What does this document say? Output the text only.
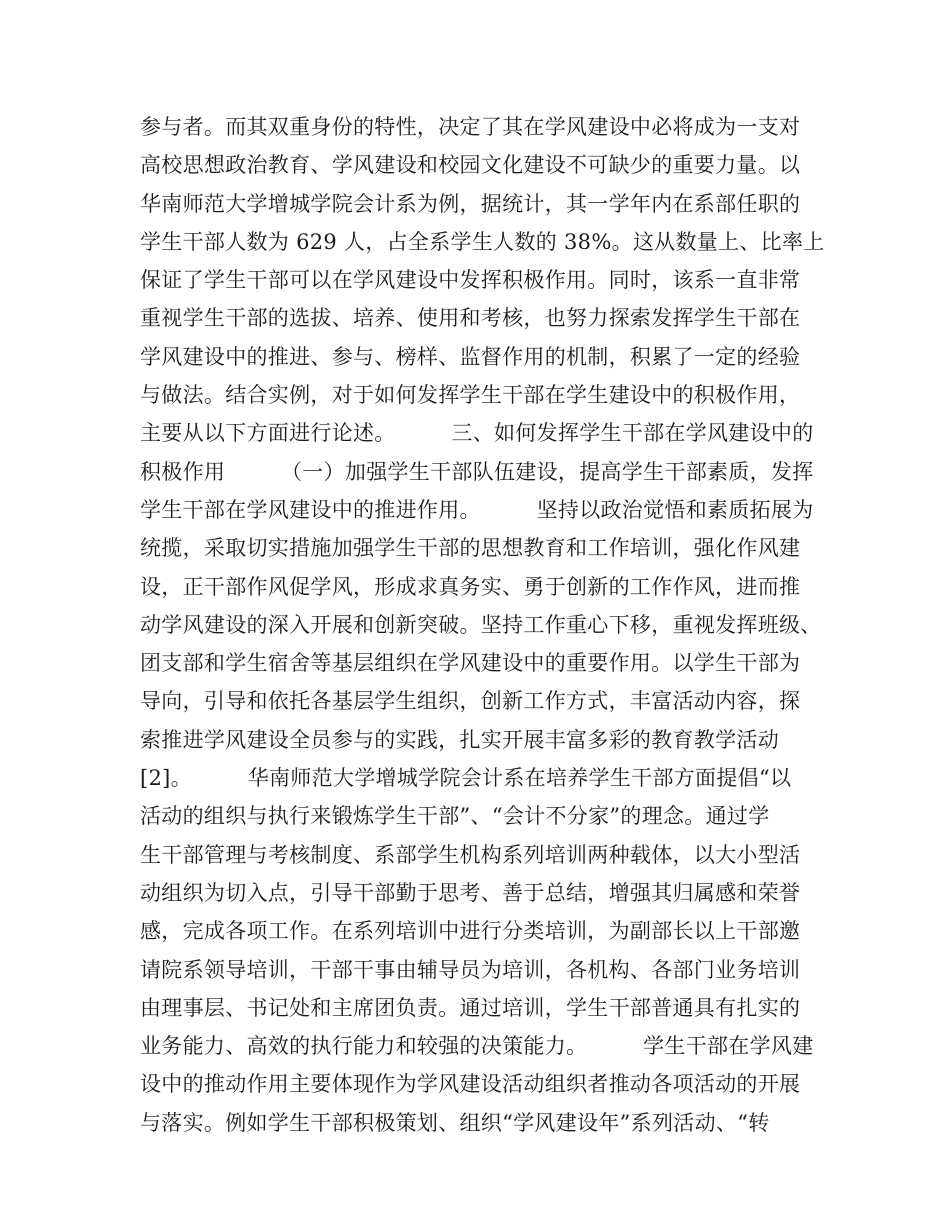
参与者。而其双重身份的特性，决定了其在学风建设中必将成为一支对
高校思想政治教育、学风建设和校园文化建设不可缺少的重要力量。以
华南师范大学增城学院会计系为例，据统计，其一学年内在系部任职的
学生干部人数为 629 人，占全系学生人数的 38%。这从数量上、比率上
保证了学生干部可以在学风建设中发挥积极作用。同时，该系一直非常
重视学生干部的选拔、培养、使用和考核，也努力探索发挥学生干部在
学风建设中的推进、参与、榜样、监督作用的机制，积累了一定的经验
与做法。结合实例，对于如何发挥学生干部在学生建设中的积极作用，
主要从以下方面进行论述。        三、如何发挥学生干部在学风建设中的
积极作用        （一）加强学生干部队伍建设，提高学生干部素质，发挥
学生干部在学风建设中的推进作用。        坚持以政治觉悟和素质拓展为
统揽，采取切实措施加强学生干部的思想教育和工作培训，强化作风建
设，正干部作风促学风，形成求真务实、勇于创新的工作作风，进而推
动学风建设的深入开展和创新突破。坚持工作重心下移，重视发挥班级、
团支部和学生宿舍等基层组织在学风建设中的重要作用。以学生干部为
导向，引导和依托各基层学生组织，创新工作方式，丰富活动内容，探
索推进学风建设全员参与的实践，扎实开展丰富多彩的教育教学活动
[2]。        华南师范大学增城学院会计系在培养学生干部方面提倡“以
活动的组织与执行来锻炼学生干部”、“会计不分家”的理念。通过学
生干部管理与考核制度、系部学生机构系列培训两种载体，以大小型活
动组织为切入点，引导干部勤于思考、善于总结，增强其归属感和荣誉
感，完成各项工作。在系列培训中进行分类培训，为副部长以上干部邀
请院系领导培训，干部干事由辅导员为培训，各机构、各部门业务培训
由理事层、书记处和主席团负责。通过培训，学生干部普通具有扎实的
业务能力、高效的执行能力和较强的决策能力。        学生干部在学风建
设中的推动作用主要体现作为学风建设活动组织者推动各项活动的开展
与落实。例如学生干部积极策划、组织“学风建设年”系列活动、“转
